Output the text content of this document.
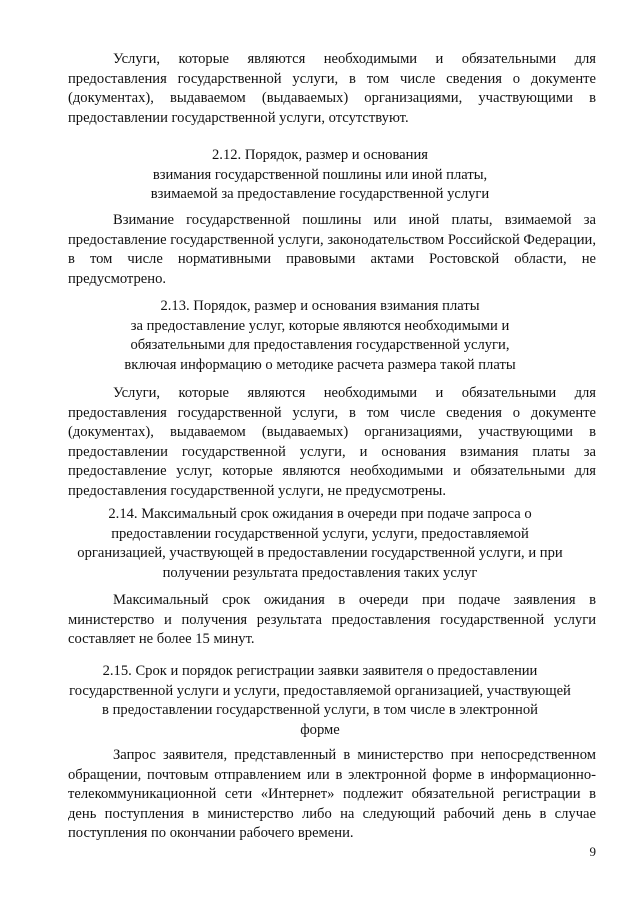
Услуги, которые являются необходимыми и обязательными для предоставления государственной услуги, в том числе сведения о документе (документах), выдаваемом (выдаваемых) организациями, участвующими в предоставлении государственной услуги, отсутствуют.

2.12. Порядок, размер и основания
взимания государственной пошлины или иной платы,
взимаемой за предоставление государственной услуги

Взимание государственной пошлины или иной платы, взимаемой за предоставление государственной услуги, законодательством Российской Федерации, в том числе нормативными правовыми актами Ростовской области, не предусмотрено.

2.13. Порядок, размер и основания взимания платы
за предоставление услуг, которые являются необходимыми и
обязательными для предоставления государственной услуги,
включая информацию о методике расчета размера такой платы

Услуги, которые являются необходимыми и обязательными для предоставления государственной услуги, в том числе сведения о документе (документах), выдаваемом (выдаваемых) организациями, участвующими в предоставлении государственной услуги, и основания взимания платы за предоставление услуг, которые являются необходимыми и обязательными для предоставления государственной услуги, не предусмотрены.

2.14. Максимальный срок ожидания в очереди при подаче запроса о
предоставлении государственной услуги, услуги, предоставляемой
организацией, участвующей в предоставлении государственной услуги, и при
получении результата предоставления таких услуг

Максимальный срок ожидания в очереди при подаче заявления в министерство и получения результата предоставления государственной услуги составляет не более 15 минут.

2.15. Срок и порядок регистрации заявки заявителя о предоставлении
государственной услуги и услуги, предоставляемой организацией, участвующей
в предоставлении государственной услуги, в том числе в электронной
форме

Запрос заявителя, представленный в министерство при непосредственном обращении, почтовым отправлением или в электронной форме в информационно-телекоммуникационной сети «Интернет» подлежит обязательной регистрации в день поступления в министерство либо на следующий рабочий день в случае поступления по окончании рабочего времени.

9
